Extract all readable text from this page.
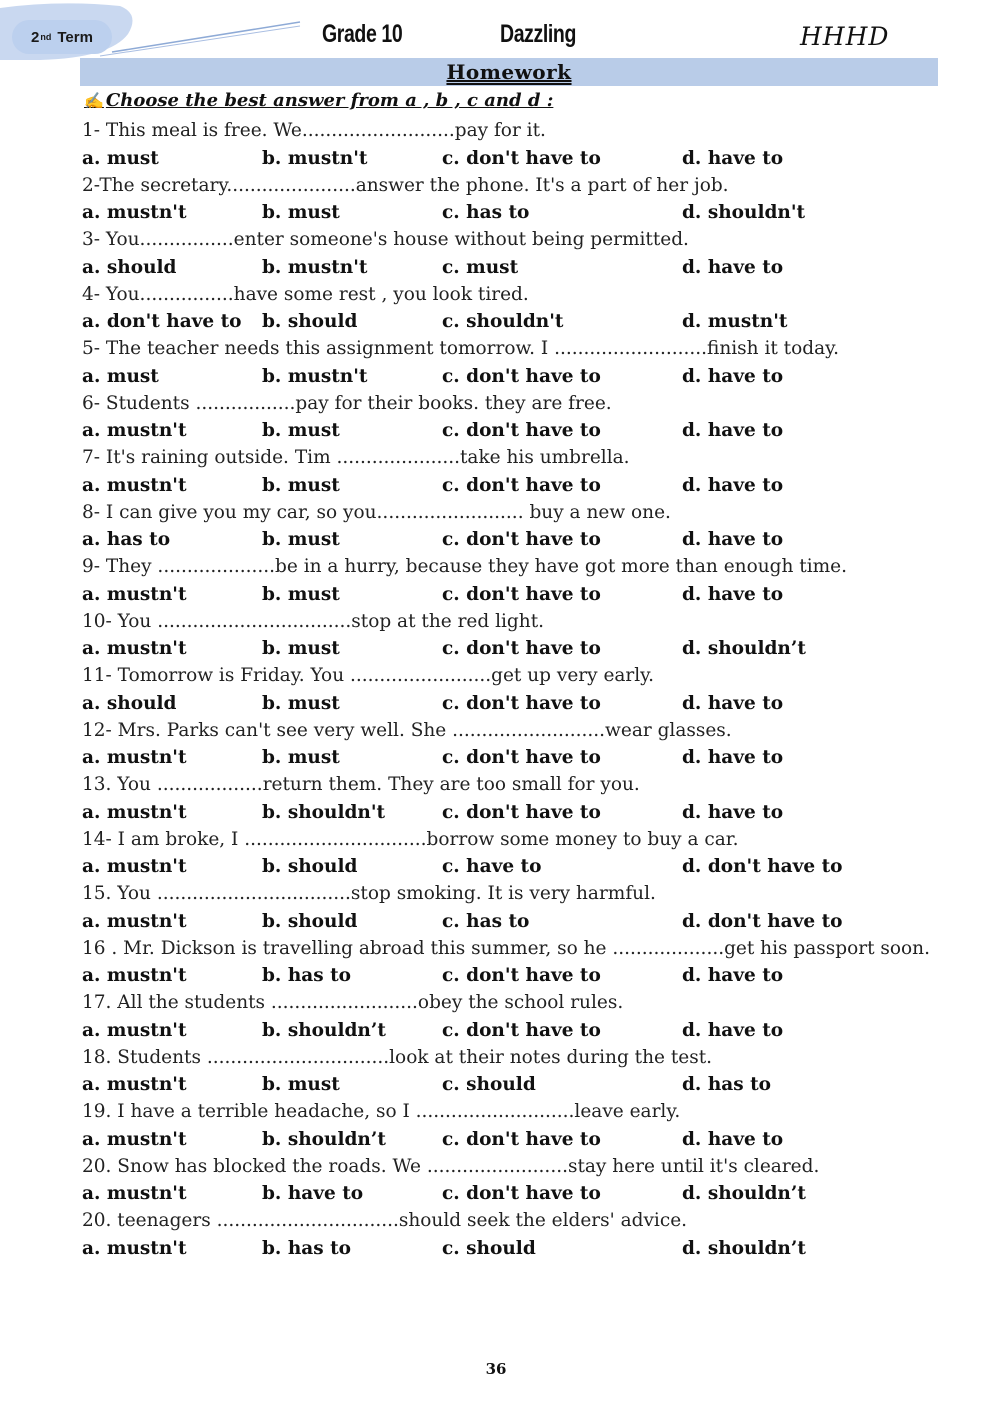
2 nd Term	Grade 10	Dazzling	HHHD
Homework
✍ Choose the best answer from a , b , c and d :
1- This meal is free. We..........................pay for it.
a. must	b. mustn't	c. don't have to	d. have to
2-The secretary......................answer the phone. It's a part of her job.
a. mustn't	b. must	c. has to	d. shouldn't
3- You................enter someone's house without being permitted.
a. should	b. mustn't	c. must	d. have to
4- You................have some rest , you look tired.
a. don't have to	b. should	c. shouldn't	d. mustn't
5- The teacher needs this assignment tomorrow. I ..........................finish it today.
a. must	b. mustn't	c. don't have to	d. have to
6- Students .................pay for their books. they are free.
a. mustn't	b. must	c. don't have to	d. have to
7- It's raining outside. Tim .....................take his umbrella.
a. mustn't	b. must	c. don't have to	d. have to
8- I can give you my car, so you......................... buy a new one.
a. has to	b. must	c. don't have to	d. have to
9- They ....................be in a hurry, because they have got more than enough time.
a. mustn't	b. must	c. don't have to	d. have to
10- You .................................stop at the red light.
a. mustn't	b. must	c. don't have to	d. shouldn’t
11- Tomorrow is Friday. You ........................get up very early.
a. should	b. must	c. don't have to	d. have to
12- Mrs. Parks can't see very well. She ..........................wear glasses.
a. mustn't	b. must	c. don't have to	d. have to
13. You ..................return them. They are too small for you.
a. mustn't	b. shouldn't	c. don't have to	d. have to
14- I am broke, I ...............................borrow some money to buy a car.
a. mustn't	b. should	c. have to	d. don't have to
15. You .................................stop smoking. It is very harmful.
a. mustn't	b. should	c. has to	d. don't have to
16 . Mr. Dickson is travelling abroad this summer, so he ...................get his passport soon.
a. mustn't	b. has to	c. don't have to	d. have to
17. All the students .........................obey the school rules.
a. mustn't	b. shouldn’t	c. don't have to	d. have to
18. Students ...............................look at their notes during the test.
a. mustn't	b. must	c. should	d. has to
19. I have a terrible headache, so I ...........................leave early.
a. mustn't	b. shouldn’t	c. don't have to	d. have to
20. Snow has blocked the roads. We ........................stay here until it's cleared.
a. mustn't	b. have to	c. don't have to	d. shouldn’t
20. teenagers ...............................should seek the elders' advice.
a. mustn't	b. has to	c. should	d. shouldn’t
36
